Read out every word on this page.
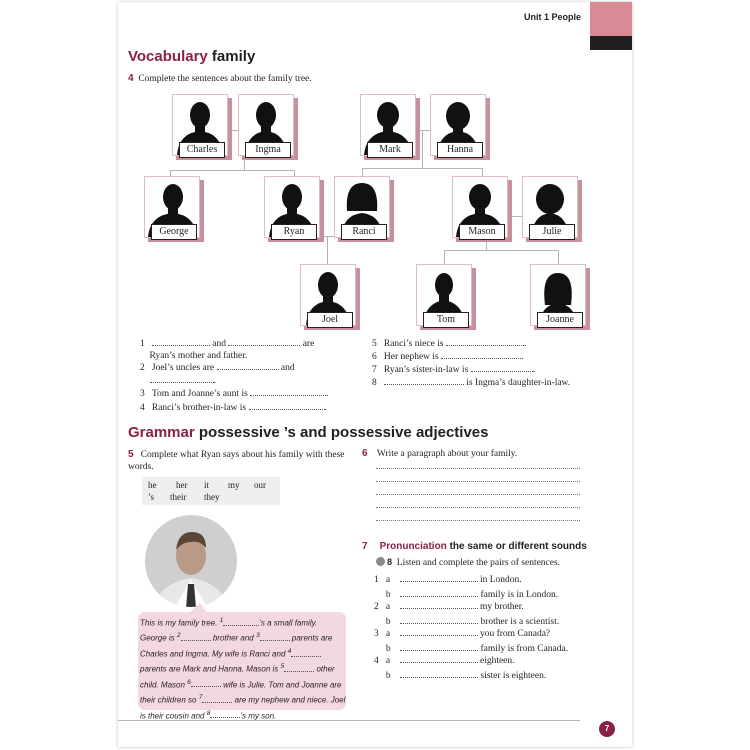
Unit 1 People
Vocabulary family
4 Complete the sentences about the family tree.
Charles	Ingma	Mark	Hanna
George	Ryan	Ranci	Mason	Julie
Joel	Tom	Joanne
1	and	are
Ryan’s mother and father.
2 Joel’s uncles are	and
.
3 Tom and Joanne’s aunt is	.
4 Ranci’s brother-in-law is	.
5 Ranci’s niece is	.
6 Her nephew is	.
7 Ryan’s sister-in-law is	.
8	is Ingma’s daughter-in-law.
Grammar possessive ’s and possessive adjectives
5 Complete what Ryan says about his family with these words.
he her it my our
’s their they
This is my family tree. $^1$	’s a small family. George is $^2$	brother and $^3$	parents are Charles and Ingma. My wife is Ranci and $^4$ parents are Mark and Hanna. Mason is $^5$	other child. Mason $^6$	wife is Julie. Tom and Joanne are their children so $^7$	are my nephew and niece. Joel is their cousin and $^8$	’s my son.
6 Write a paragraph about your family.
7 Pronunciation the same or different sounds
8 Listen and complete the pairs of sentences.
1 a	in London.
b	family is in London.
2 a	my brother.
b	brother is a scientist.
3 a	you from Canada?
b	family is from Canada.
4 a	eighteen.
b	sister is eighteen.
7
